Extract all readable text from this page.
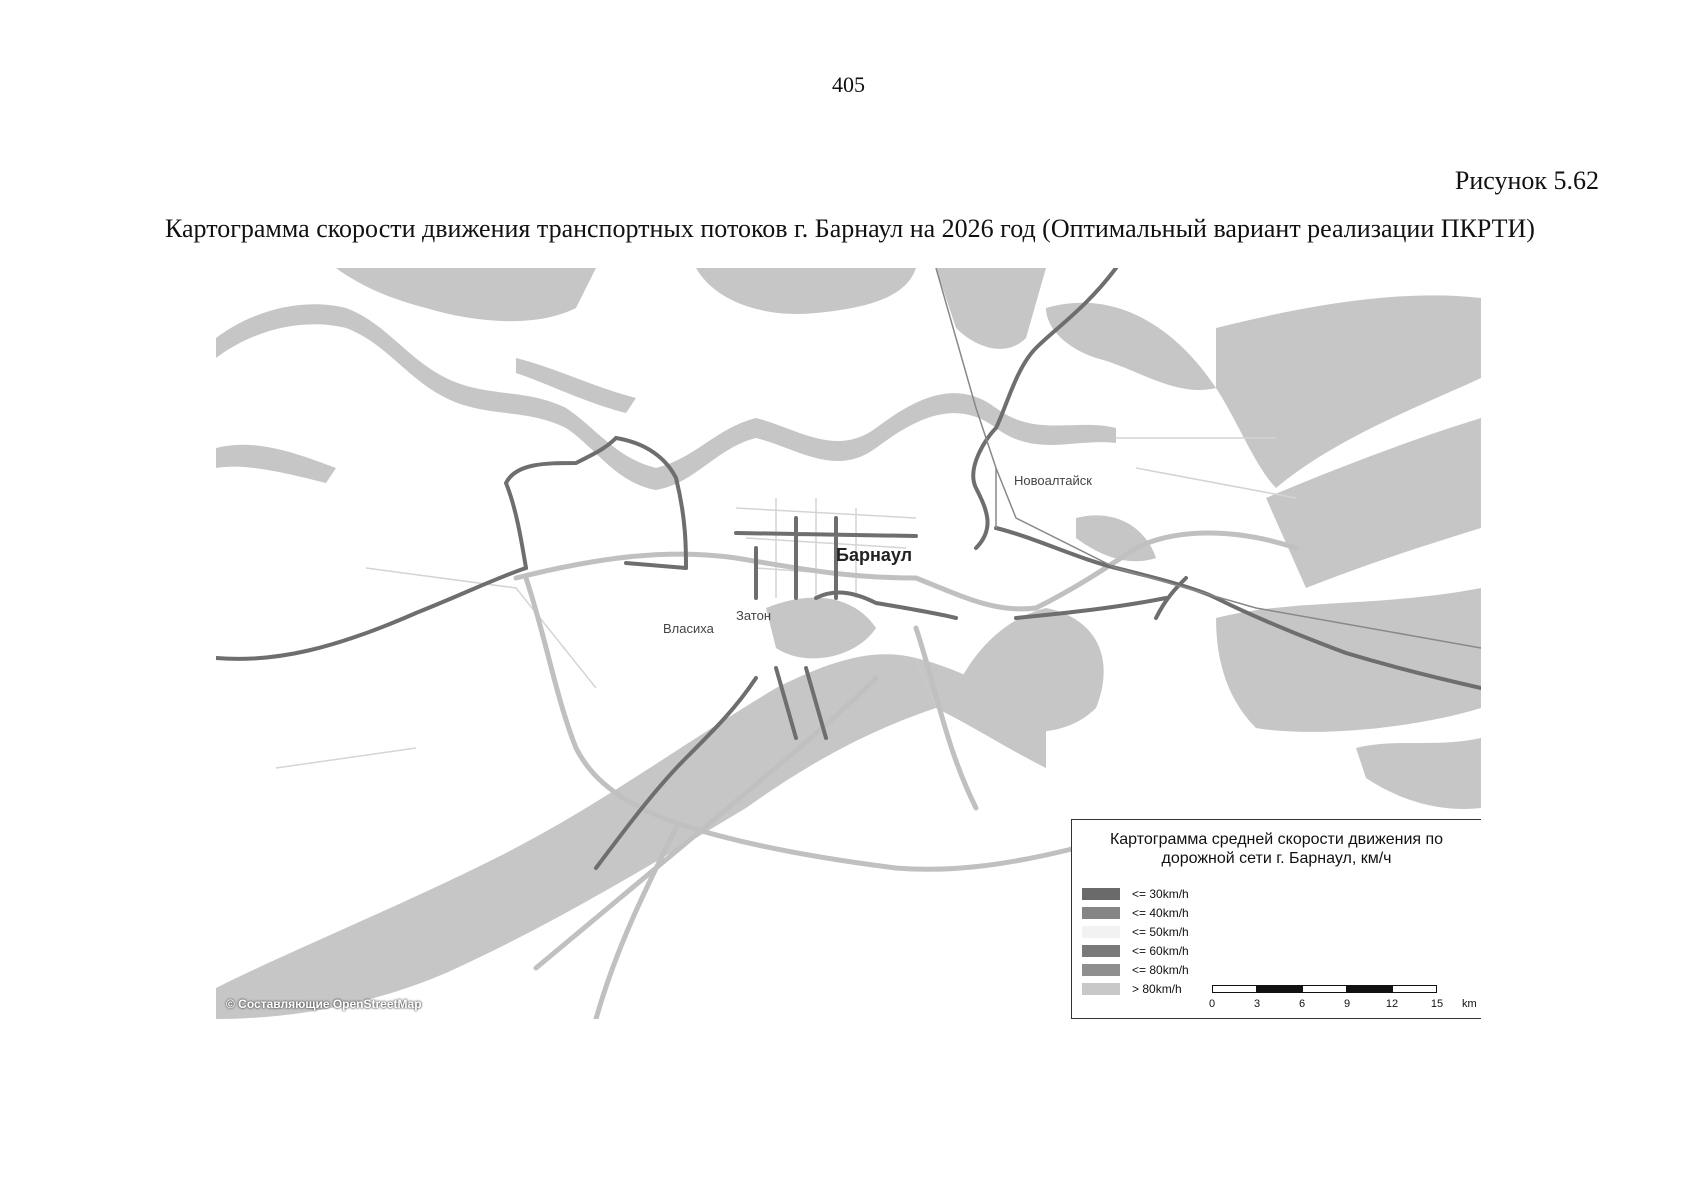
405
Рисунок 5.62
Картограмма скорости движения транспортных потоков г. Барнаул на 2026 год (Оптимальный вариант реализации ПКРТИ)
Барнаул
Новоалтайск
Власиха
Затон
© Составляющие OpenStreetMap
Картограмма средней скорости движения по дорожной сети г. Барнаул, км/ч
<= 30km/h
<= 40km/h
<= 50km/h
<= 60km/h
<= 80km/h
> 80km/h
0	3	6	9	12	15 km
